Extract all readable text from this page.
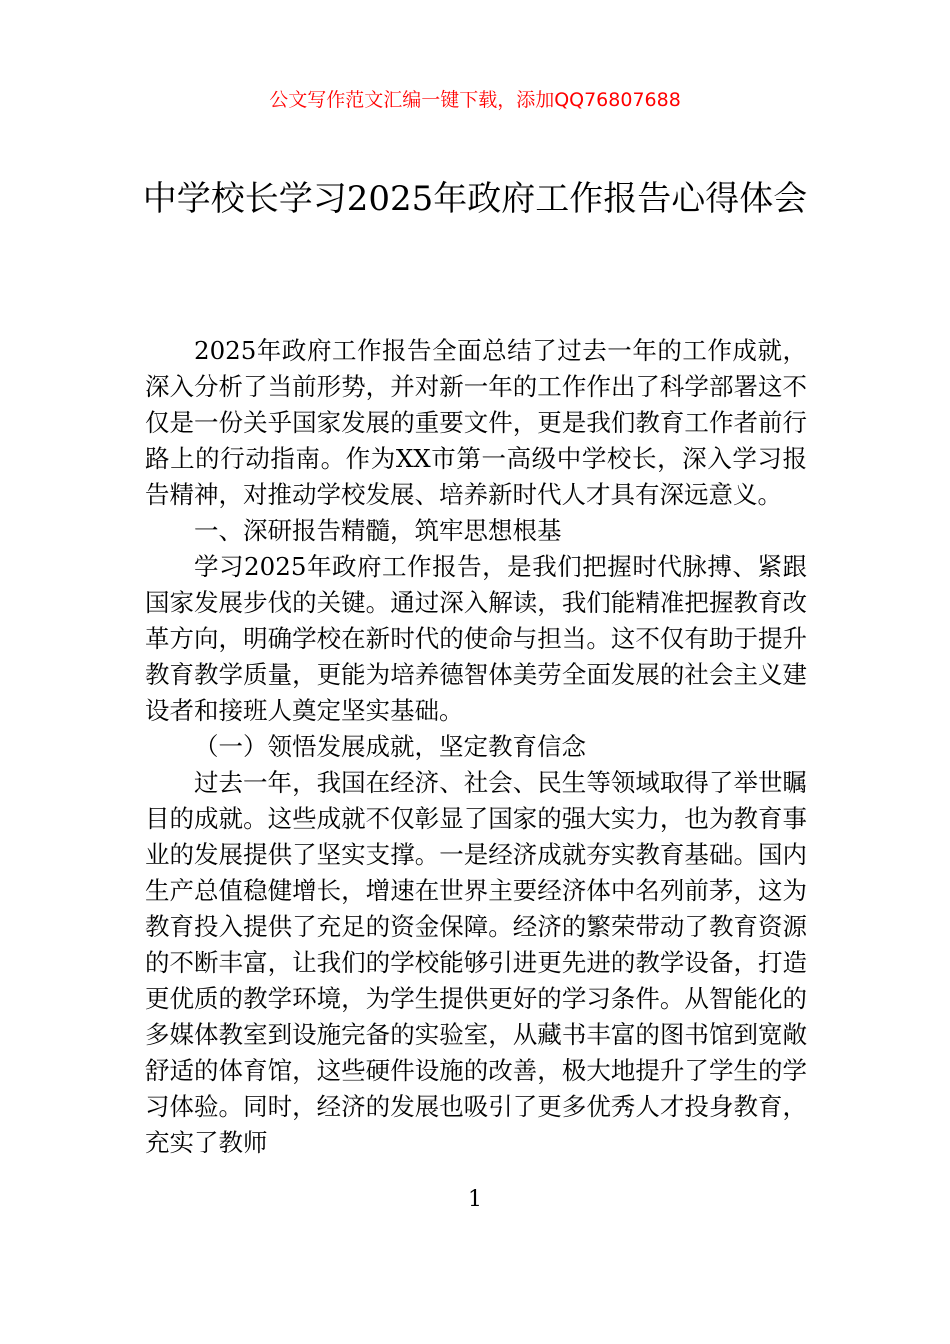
公文写作范文汇编一键下载，添加QQ76807688
中学校长学习2025年政府工作报告心得体会

2025年政府工作报告全面总结了过去一年的工作成就，深入分析了当前形势，并对新一年的工作作出了科学部署这不仅是一份关乎国家发展的重要文件，更是我们教育工作者前行路上的行动指南。作为XX市第一高级中学校长，深入学习报告精神，对推动学校发展、培养新时代人才具有深远意义。

一、深研报告精髓，筑牢思想根基

学习2025年政府工作报告，是我们把握时代脉搏、紧跟国家发展步伐的关键。通过深入解读，我们能精准把握教育改革方向，明确学校在新时代的使命与担当。这不仅有助于提升教育教学质量，更能为培养德智体美劳全面发展的社会主义建设者和接班人奠定坚实基础。

（一）领悟发展成就，坚定教育信念

过去一年，我国在经济、社会、民生等领域取得了举世瞩目的成就。这些成就不仅彰显了国家的强大实力，也为教育事业的发展提供了坚实支撑。一是经济成就夯实教育基础。国内生产总值稳健增长，增速在世界主要经济体中名列前茅，这为教育投入提供了充足的资金保障。经济的繁荣带动了教育资源的不断丰富，让我们的学校能够引进更先进的教学设备，打造更优质的教学环境，为学生提供更好的学习条件。从智能化的多媒体教室到设施完备的实验室，从藏书丰富的图书馆到宽敞舒适的体育馆，这些硬件设施的改善，极大地提升了学生的学习体验。同时，经济的发展也吸引了更多优秀人才投身教育，充实了教师

1
